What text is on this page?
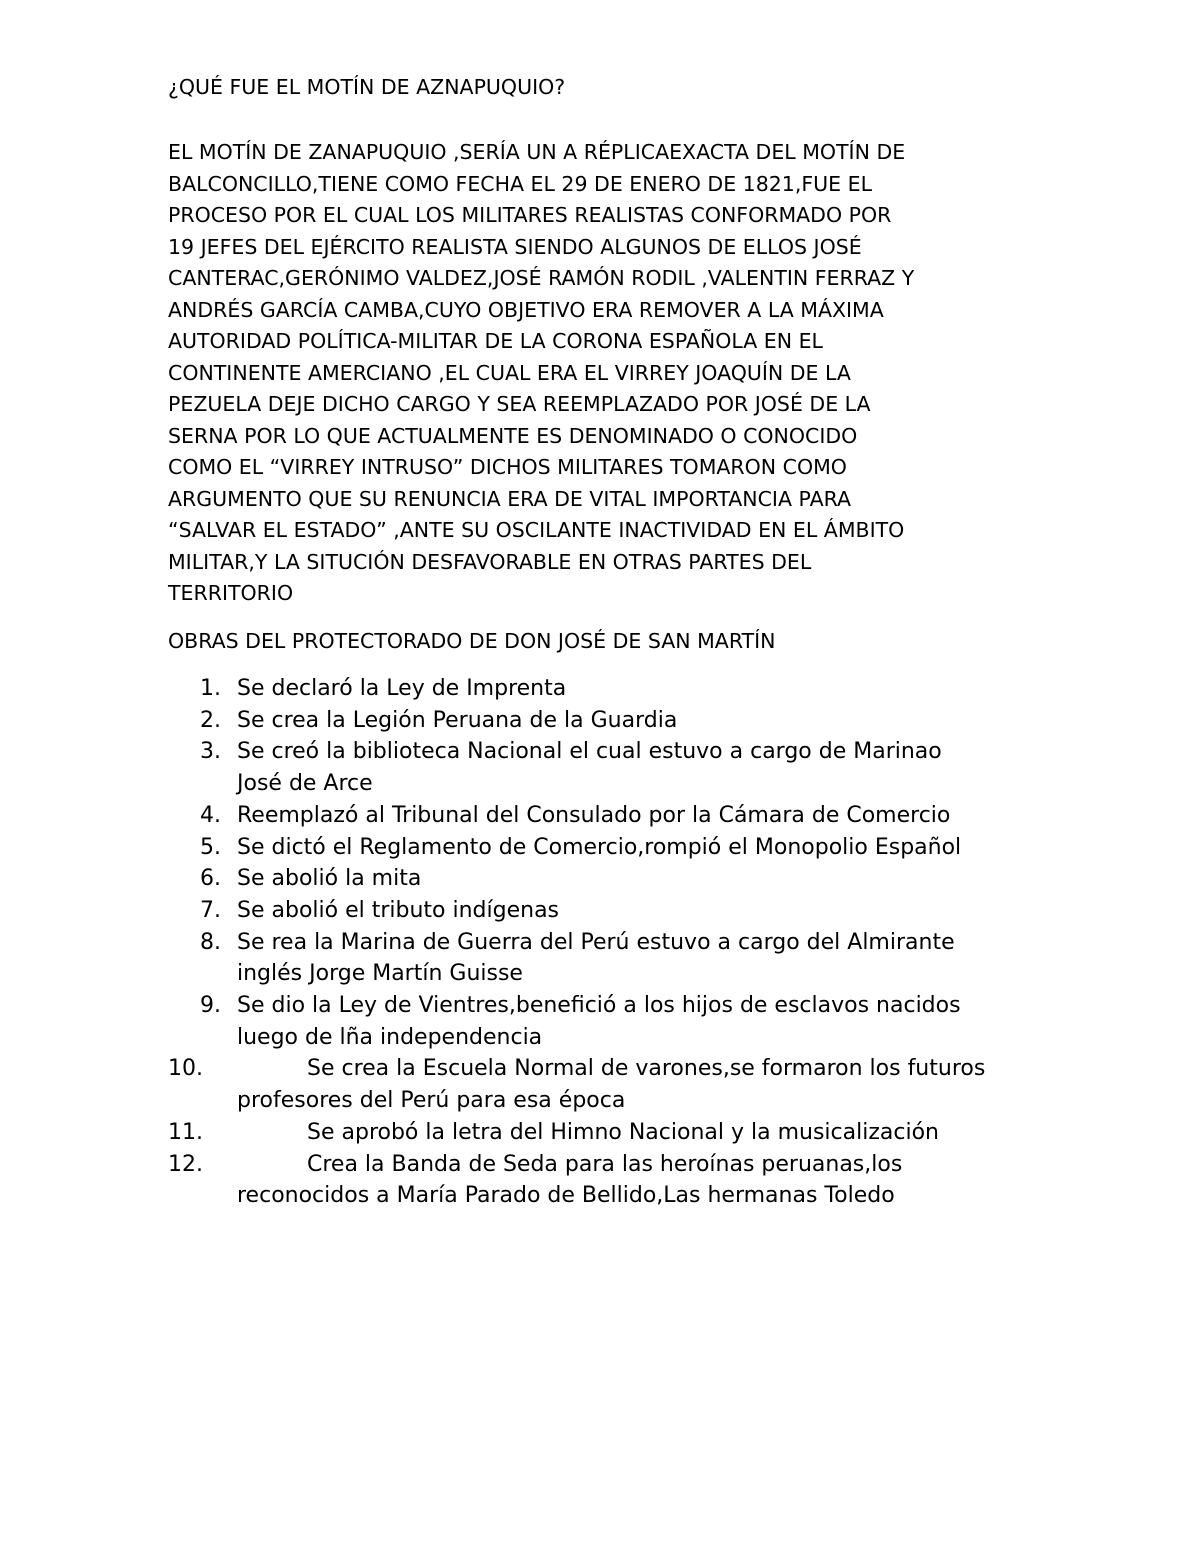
¿QUÉ FUE EL MOTÍN DE AZNAPUQUIO?
EL MOTÍN DE ZANAPUQUIO ,SERÍA UN A RÉPLICAEXACTA DEL MOTÍN DE
BALCONCILLO,TIENE COMO FECHA EL 29 DE ENERO DE 1821,FUE EL
PROCESO POR EL CUAL LOS MILITARES REALISTAS CONFORMADO POR
19 JEFES DEL EJÉRCITO REALISTA SIENDO ALGUNOS DE ELLOS JOSÉ
CANTERAC,GERÓNIMO VALDEZ,JOSÉ RAMÓN RODIL ,VALENTIN FERRAZ Y
ANDRÉS GARCÍA CAMBA,CUYO OBJETIVO ERA REMOVER A LA MÁXIMA
AUTORIDAD POLÍTICA-MILITAR DE LA CORONA ESPAÑOLA EN EL
CONTINENTE AMERCIANO ,EL CUAL ERA EL VIRREY JOAQUÍN DE LA
PEZUELA DEJE DICHO CARGO Y SEA REEMPLAZADO POR JOSÉ DE LA
SERNA POR LO QUE ACTUALMENTE ES DENOMINADO O CONOCIDO
COMO EL “VIRREY INTRUSO” DICHOS MILITARES TOMARON COMO
ARGUMENTO QUE SU RENUNCIA ERA DE VITAL IMPORTANCIA PARA
“SALVAR EL ESTADO” ,ANTE SU OSCILANTE INACTIVIDAD EN EL ÁMBITO
MILITAR,Y LA SITUCIÓN DESFAVORABLE EN OTRAS PARTES DEL
TERRITORIO
OBRAS DEL PROTECTORADO DE DON JOSÉ DE SAN MARTÍN
1. Se declaró la Ley de Imprenta
2. Se crea la Legión Peruana de la Guardia
3. Se creó la biblioteca Nacional el cual estuvo a cargo de Marinao
José de Arce
4. Reemplazó al Tribunal del Consulado por la Cámara de Comercio
5. Se dictó el Reglamento de Comercio,rompió el Monopolio Español
6. Se abolió la mita
7. Se abolió el tributo indígenas
8. Se rea la Marina de Guerra del Perú estuvo a cargo del Almirante
inglés Jorge Martín Guisse
9. Se dio la Ley de Vientres,benefició a los hijos de esclavos nacidos
luego de lña independencia
10.	Se crea la Escuela Normal de varones,se formaron los futuros
profesores del Perú para esa época
11.	Se aprobó la letra del Himno Nacional y la musicalización
12.	Crea la Banda de Seda para las heroínas peruanas,los
reconocidos a María Parado de Bellido,Las hermanas Toledo
